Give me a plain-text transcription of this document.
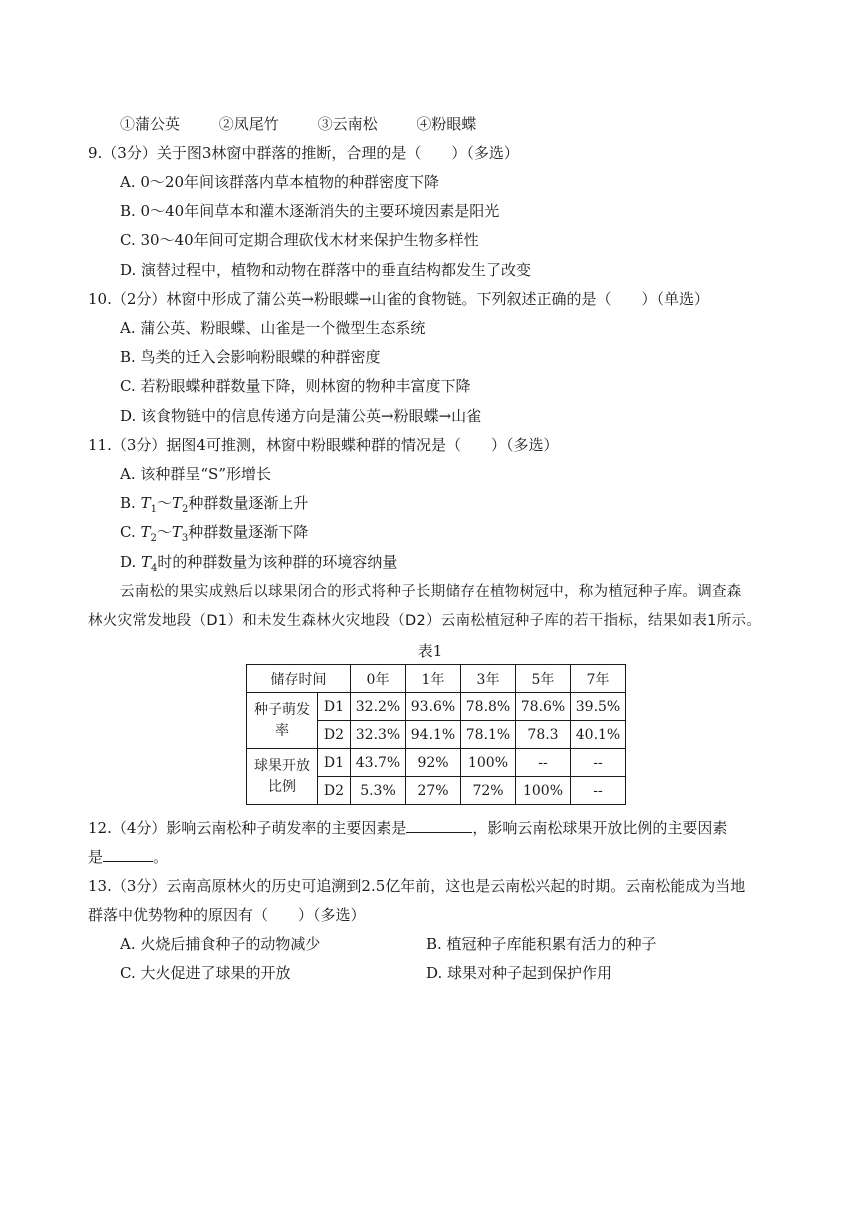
①蒲公英	②凤尾竹	③云南松	④粉眼蝶
9.（3分）关于图3林窗中群落的推断，合理的是（　　）（多选）
A. 0～20年间该群落内草本植物的种群密度下降
B. 0～40年间草本和灌木逐渐消失的主要环境因素是阳光
C. 30～40年间可定期合理砍伐木材来保护生物多样性
D. 演替过程中，植物和动物在群落中的垂直结构都发生了改变
10.（2分）林窗中形成了蒲公英→粉眼蝶→山雀的食物链。下列叙述正确的是（　　）（单选）
A. 蒲公英、粉眼蝶、山雀是一个微型生态系统
B. 鸟类的迁入会影响粉眼蝶的种群密度
C. 若粉眼蝶种群数量下降，则林窗的物种丰富度下降
D. 该食物链中的信息传递方向是蒲公英→粉眼蝶→山雀
11.（3分）据图4可推测，林窗中粉眼蝶种群的情况是（　　）（多选）
A. 该种群呈“S”形增长
B. $T_1\sim T_2$种群数量逐渐上升
C. $T_2\sim T_3$种群数量逐渐下降
D. $T_4$时的种群数量为该种群的环境容纳量
云南松的果实成熟后以球果闭合的形式将种子长期储存在植物树冠中，称为植冠种子库。调查森
林火灾常发地段（D1）和未发生森林火灾地段（D2）云南松植冠种子库的若干指标，结果如表1所示。
表1
储存时间		0年	1年	3年	5年	7年
种子萌发率	D1	32.2%	93.6%	78.8%	78.6%	39.5%
	D2	32.3%	94.1%	78.1%	78.3	40.1%
球果开放比例	D1	43.7%	92%	100%	--	--
	D2	5.3%	27%	72%	100%	--
12.（4分）影响云南松种子萌发率的主要因素是	，影响云南松球果开放比例的主要因素
是	。
13.（3分）云南高原林火的历史可追溯到2.5亿年前，这也是云南松兴起的时期。云南松能成为当地
群落中优势物种的原因有（　　）（多选）
A. 火烧后捕食种子的动物减少	B. 植冠种子库能积累有活力的种子
C. 大火促进了球果的开放	D. 球果对种子起到保护作用
